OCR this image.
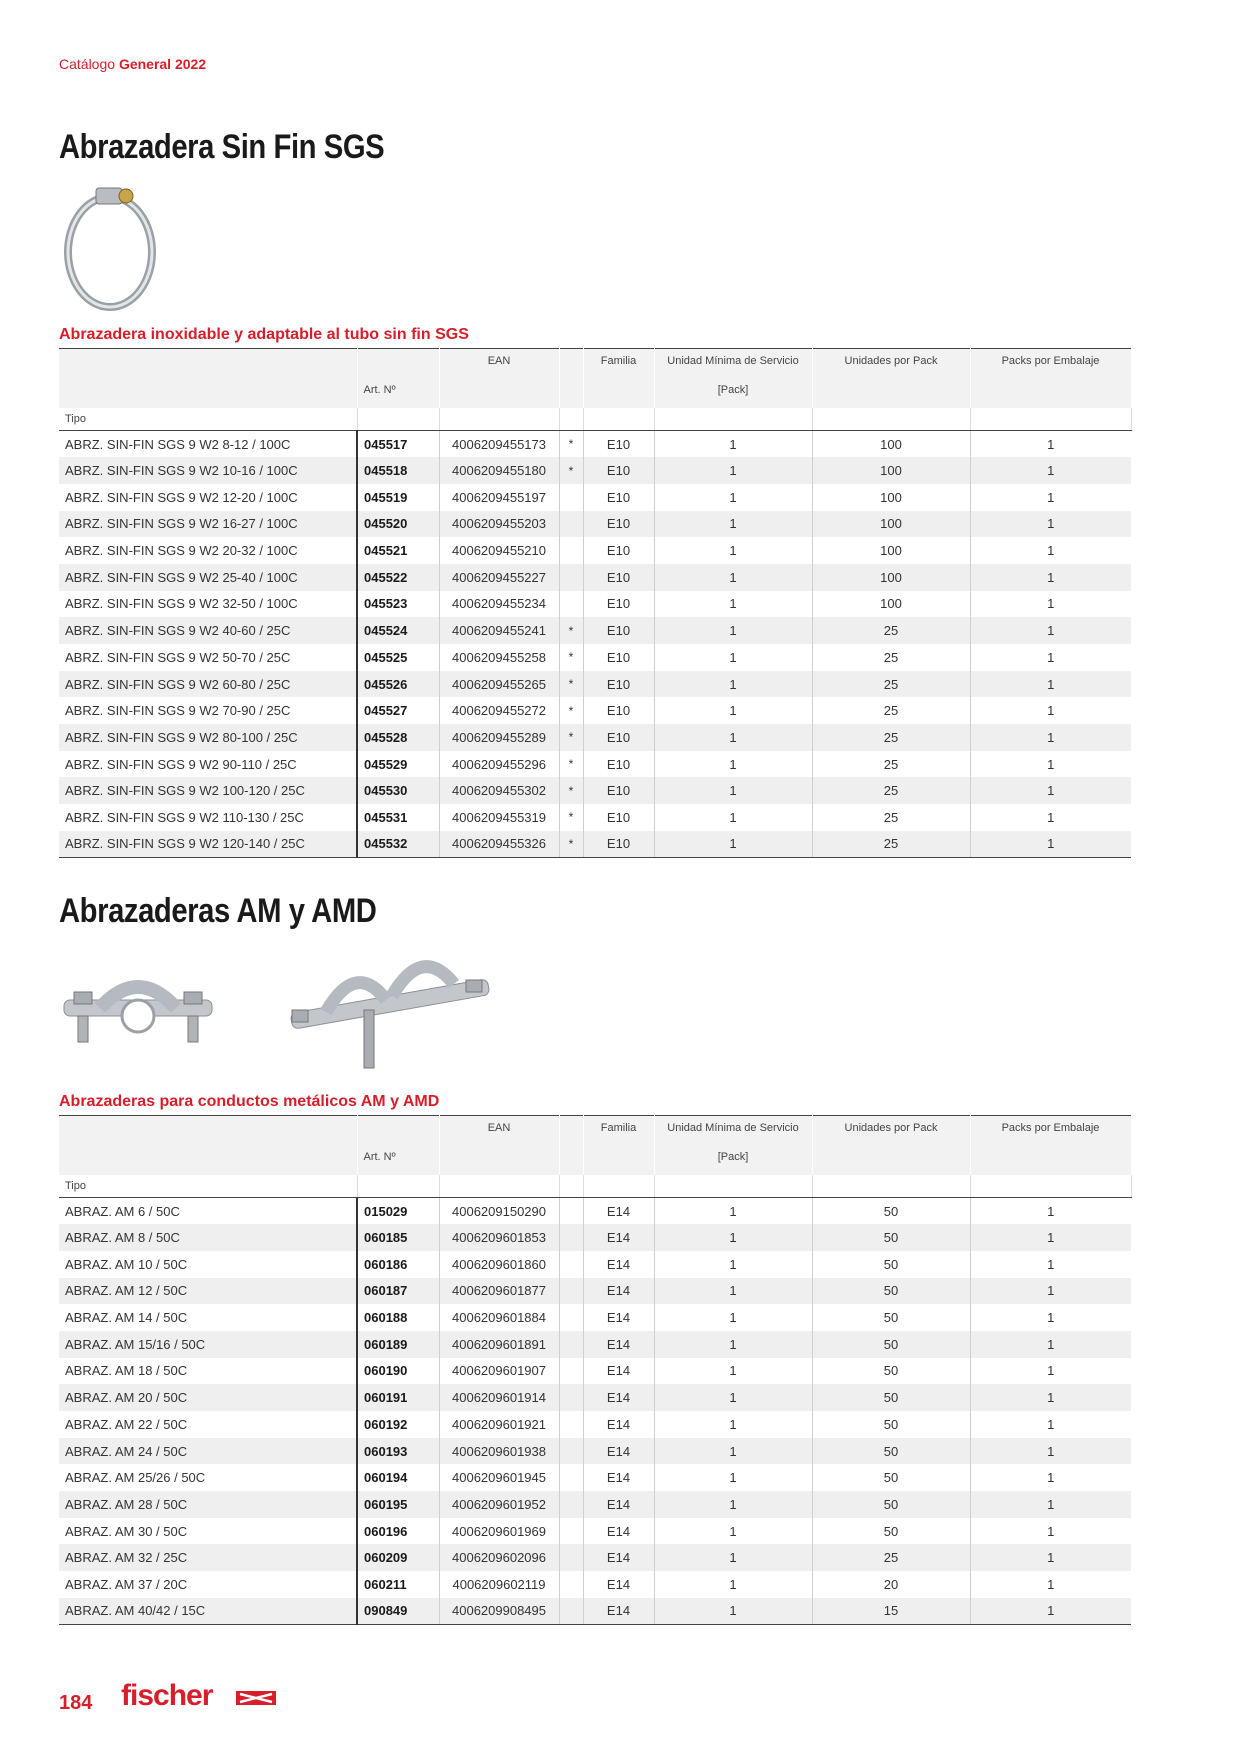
Catálogo General 2022
Abrazadera Sin Fin SGS
Abrazadera inoxidable y adaptable al tubo sin fin SGS
		EAN		Familia	Unidad Mínima de Servicio	Unidades por Pack	Packs por Embalaje
	Art. Nº				[Pack]		
Tipo							
ABRZ. SIN-FIN SGS 9 W2 8-12 / 100C	045517	4006209455173	*	E10	1	100	1
ABRZ. SIN-FIN SGS 9 W2 10-16 / 100C	045518	4006209455180	*	E10	1	100	1
ABRZ. SIN-FIN SGS 9 W2 12-20 / 100C	045519	4006209455197		E10	1	100	1
ABRZ. SIN-FIN SGS 9 W2 16-27 / 100C	045520	4006209455203		E10	1	100	1
ABRZ. SIN-FIN SGS 9 W2 20-32 / 100C	045521	4006209455210		E10	1	100	1
ABRZ. SIN-FIN SGS 9 W2 25-40 / 100C	045522	4006209455227		E10	1	100	1
ABRZ. SIN-FIN SGS 9 W2 32-50 / 100C	045523	4006209455234		E10	1	100	1
ABRZ. SIN-FIN SGS 9 W2 40-60 / 25C	045524	4006209455241	*	E10	1	25	1
ABRZ. SIN-FIN SGS 9 W2 50-70 / 25C	045525	4006209455258	*	E10	1	25	1
ABRZ. SIN-FIN SGS 9 W2 60-80 / 25C	045526	4006209455265	*	E10	1	25	1
ABRZ. SIN-FIN SGS 9 W2 70-90 / 25C	045527	4006209455272	*	E10	1	25	1
ABRZ. SIN-FIN SGS 9 W2 80-100 / 25C	045528	4006209455289	*	E10	1	25	1
ABRZ. SIN-FIN SGS 9 W2 90-110 / 25C	045529	4006209455296	*	E10	1	25	1
ABRZ. SIN-FIN SGS 9 W2 100-120 / 25C	045530	4006209455302	*	E10	1	25	1
ABRZ. SIN-FIN SGS 9 W2 110-130 / 25C	045531	4006209455319	*	E10	1	25	1
ABRZ. SIN-FIN SGS 9 W2 120-140 / 25C	045532	4006209455326	*	E10	1	25	1
Abrazaderas AM y AMD
Abrazaderas para conductos metálicos AM y AMD
		EAN		Familia	Unidad Mínima de Servicio	Unidades por Pack	Packs por Embalaje
	Art. Nº				[Pack]		
Tipo							
ABRAZ. AM 6 / 50C	015029	4006209150290		E14	1	50	1
ABRAZ. AM 8 / 50C	060185	4006209601853		E14	1	50	1
ABRAZ. AM 10 / 50C	060186	4006209601860		E14	1	50	1
ABRAZ. AM 12 / 50C	060187	4006209601877		E14	1	50	1
ABRAZ. AM 14 / 50C	060188	4006209601884		E14	1	50	1
ABRAZ. AM 15/16 / 50C	060189	4006209601891		E14	1	50	1
ABRAZ. AM 18 / 50C	060190	4006209601907		E14	1	50	1
ABRAZ. AM 20 / 50C	060191	4006209601914		E14	1	50	1
ABRAZ. AM 22 / 50C	060192	4006209601921		E14	1	50	1
ABRAZ. AM 24 / 50C	060193	4006209601938		E14	1	50	1
ABRAZ. AM 25/26 / 50C	060194	4006209601945		E14	1	50	1
ABRAZ. AM 28 / 50C	060195	4006209601952		E14	1	50	1
ABRAZ. AM 30 / 50C	060196	4006209601969		E14	1	50	1
ABRAZ. AM 32 / 25C	060209	4006209602096		E14	1	25	1
ABRAZ. AM 37 / 20C	060211	4006209602119		E14	1	20	1
ABRAZ. AM 40/42 / 15C	090849	4006209908495		E14	1	15	1
184 fischer
